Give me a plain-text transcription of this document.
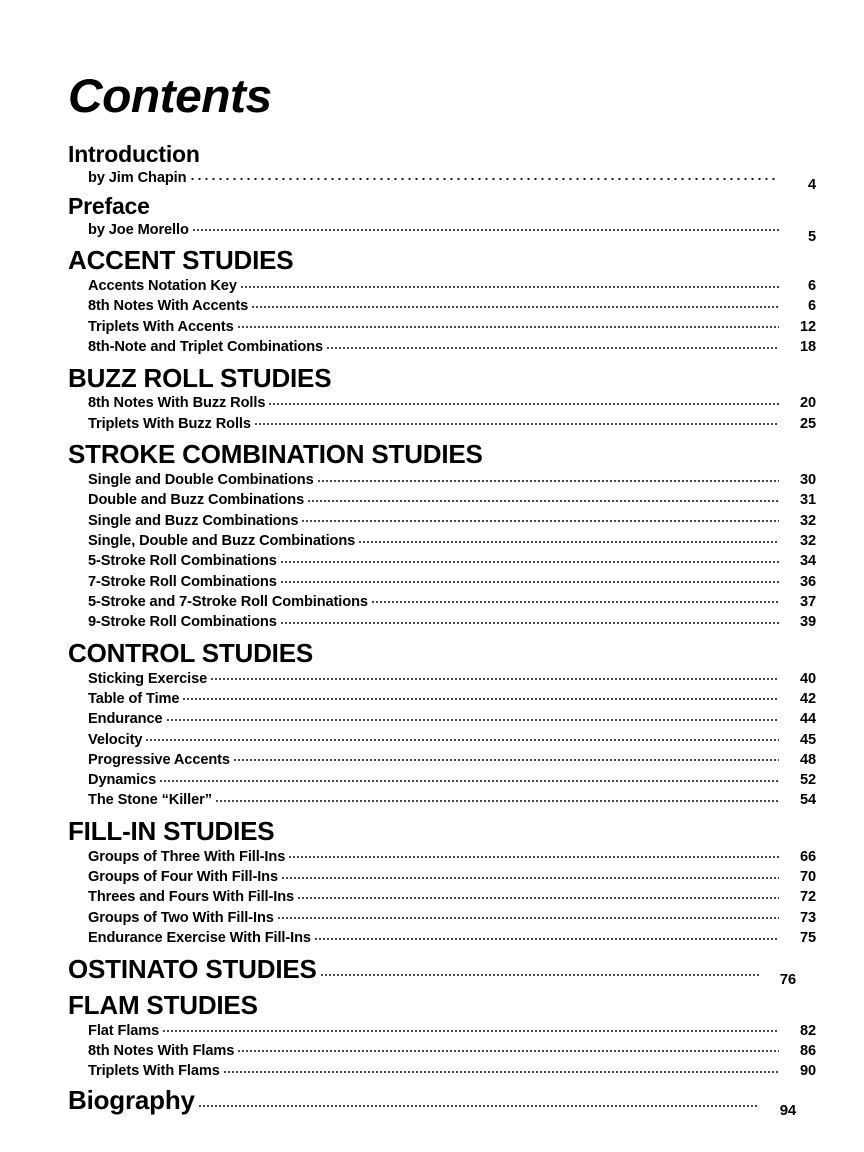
Contents
Introduction
by Jim Chapin	4
Preface
by Joe Morello	5
ACCENT STUDIES
Accents Notation Key	6
8th Notes With Accents	6
Triplets With Accents	12
8th-Note and Triplet Combinations	18
BUZZ ROLL STUDIES
8th Notes With Buzz Rolls	20
Triplets With Buzz Rolls	25
STROKE COMBINATION STUDIES
Single and Double Combinations	30
Double and Buzz Combinations	31
Single and Buzz Combinations	32
Single, Double and Buzz Combinations	32
5-Stroke Roll Combinations	34
7-Stroke Roll Combinations	36
5-Stroke and 7-Stroke Roll Combinations	37
9-Stroke Roll Combinations	39
CONTROL STUDIES
Sticking Exercise	40
Table of Time	42
Endurance	44
Velocity	45
Progressive Accents	48
Dynamics	52
The Stone “Killer”	54
FILL-IN STUDIES
Groups of Three With Fill-Ins	66
Groups of Four With Fill-Ins	70
Threes and Fours With Fill-Ins	72
Groups of Two With Fill-Ins	73
Endurance Exercise With Fill-Ins	75
OSTINATO STUDIES	76
FLAM STUDIES
Flat Flams	82
8th Notes With Flams	86
Triplets With Flams	90
Biography	94
